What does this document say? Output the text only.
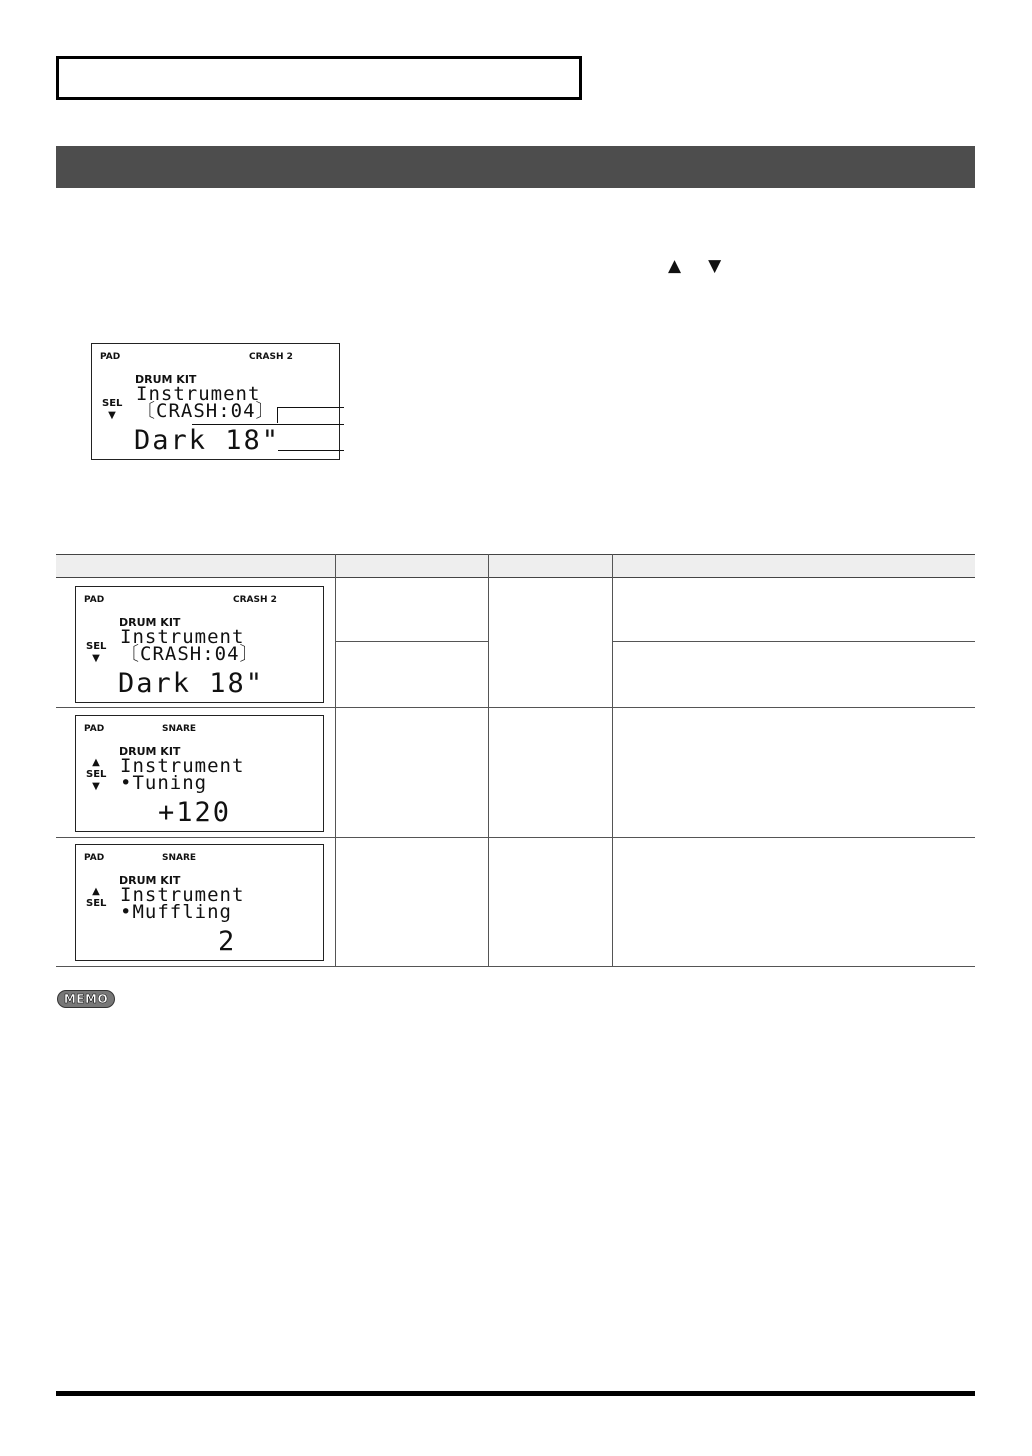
▲ ▼
PAD	CRASH 2
DRUM KIT
SEL
▼
Instrument
〔CRASH:04〕
Dark 18"
PAD	CRASH 2
DRUM KIT
SEL
▼
Instrument
〔CRASH:04〕
Dark 18"
PAD	SNARE
DRUM KIT
▲
SEL
▼
Instrument
•Tuning
+120
PAD	SNARE
DRUM KIT
▲
SEL Instrument
•Muffling
2
MEMO
